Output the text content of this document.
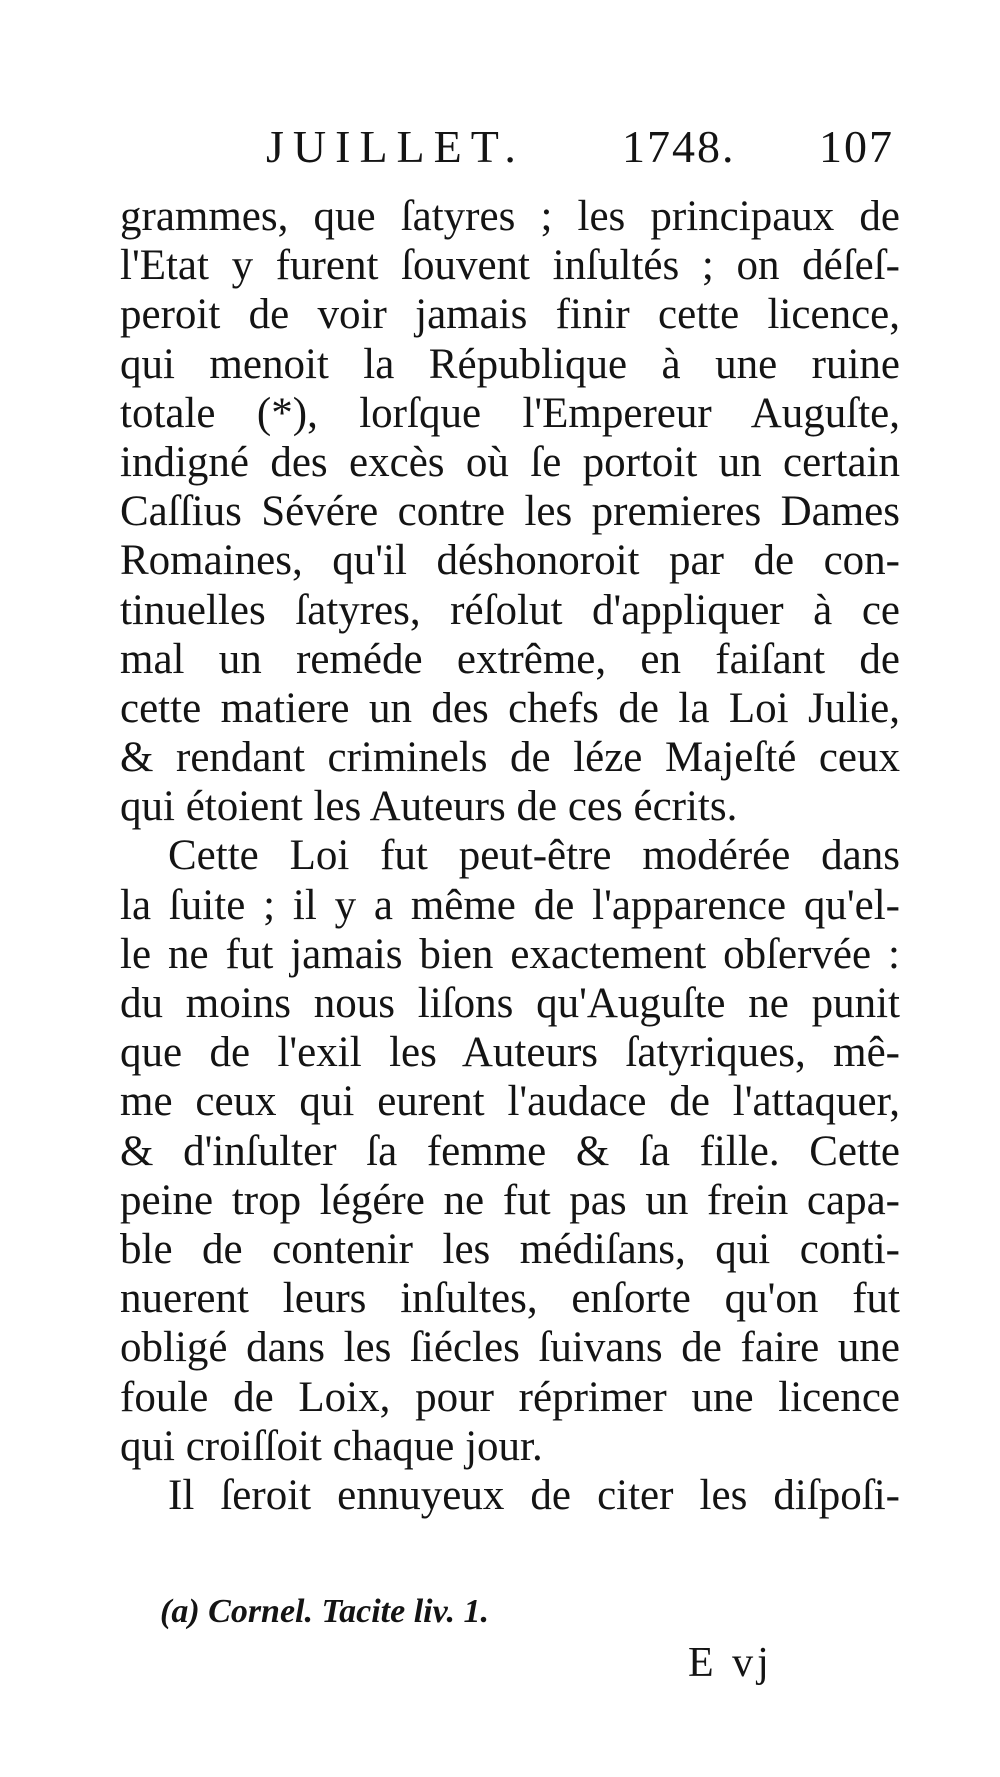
JUILLET. 1748. 107
grammes, que ſatyres ; les principaux de
l'Etat y furent ſouvent inſultés ; on déſeſ-
peroit de voir jamais finir cette licence,
qui menoit la République à une ruine
totale (*), lorſque l'Empereur Auguſte,
indigné des excès où ſe portoit un certain
Caſſius Sévére contre les premieres Dames
Romaines, qu'il déshonoroit par de con-
tinuelles ſatyres, réſolut d'appliquer à ce
mal un reméde extrême, en faiſant de
cette matiere un des chefs de la Loi Julie,
& rendant criminels de léze Majeſté ceux
qui étoient les Auteurs de ces écrits.
Cette Loi fut peut-être modérée dans
la ſuite ; il y a même de l'apparence qu'el-
le ne fut jamais bien exactement obſervée :
du moins nous liſons qu'Auguſte ne punit
que de l'exil les Auteurs ſatyriques, mê-
me ceux qui eurent l'audace de l'attaquer,
& d'inſulter ſa femme & ſa fille. Cette
peine trop légére ne fut pas un frein capa-
ble de contenir les médiſans, qui conti-
nuerent leurs inſultes, enſorte qu'on fut
obligé dans les ſiécles ſuivans de faire une
foule de Loix, pour réprimer une licence
qui croiſſoit chaque jour.
Il ſeroit ennuyeux de citer les diſpoſi-
(a) Cornel. Tacite liv. 1.
E vj
